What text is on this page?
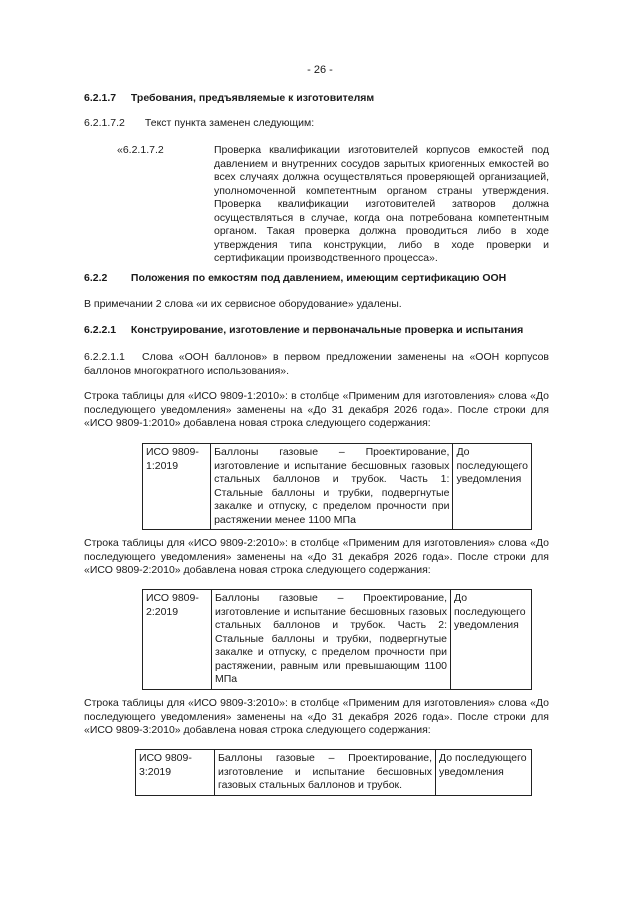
- 26 -
6.2.1.7 Требования, предъявляемые к изготовителям
6.2.1.7.2 Текст пункта заменен следующим:
«6.2.1.7.2	Проверка квалификации изготовителей корпусов емкостей под давлением и внутренних сосудов зарытых криогенных емкостей во всех случаях должна осуществляться проверяющей организацией, уполномоченной компетентным органом страны утверждения. Проверка квалификации изготовителей затворов должна осуществляться в случае, когда она потребована компетентным органом. Такая проверка должна проводиться либо в ходе утверждения типа конструкции, либо в ходе проверки и сертификации производственного процесса».
6.2.2 Положения по емкостям под давлением, имеющим сертификацию ООН
В примечании 2 слова «и их сервисное оборудование» удалены.
6.2.2.1 Конструирование, изготовление и первоначальные проверка и испытания
6.2.2.1.1 Слова «ООН баллонов» в первом предложении заменены на «ООН корпусов баллонов многократного использования».
Строка таблицы для «ИСО 9809-1:2010»: в столбце «Применим для изготовления» слова «До последующего уведомления» заменены на «До 31 декабря 2026 года». После строки для «ИСО 9809-1:2010» добавлена новая строка следующего содержания:
ИСО 9809-1:2019	Баллоны газовые – Проектирование, изготовление и испытание бесшовных газовых стальных баллонов и трубок. Часть 1: Стальные баллоны и трубки, подвергнутые закалке и отпуску, с пределом прочности при растяжении менее 1100 МПа	До последующего уведомления
Строка таблицы для «ИСО 9809-2:2010»: в столбце «Применим для изготовления» слова «До последующего уведомления» заменены на «До 31 декабря 2026 года». После строки для «ИСО 9809-2:2010» добавлена новая строка следующего содержания:
ИСО 9809-2:2019	Баллоны газовые – Проектирование, изготовление и испытание бесшовных газовых стальных баллонов и трубок. Часть 2: Стальные баллоны и трубки, подвергнутые закалке и отпуску, с пределом прочности при растяжении, равным или превышающим 1100 МПа	До последующего уведомления
Строка таблицы для «ИСО 9809-3:2010»: в столбце «Применим для изготовления» слова «До последующего уведомления» заменены на «До 31 декабря 2026 года». После строки для «ИСО 9809-3:2010» добавлена новая строка следующего содержания:
ИСО 9809- 3:2019	Баллоны газовые – Проектирование, изготовление и испытание бесшовных газовых стальных баллонов и трубок.	До последующего уведомления
